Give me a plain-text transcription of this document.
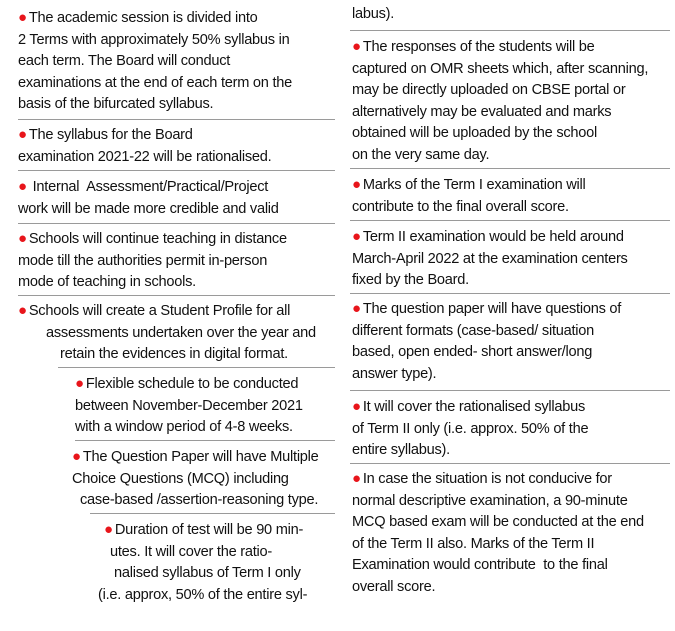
● The academic session is divided into
2 Terms with approximately 50% syllabus in
each term. The Board will conduct
examinations at the end of each term on the
basis of the bifurcated syllabus.
● The syllabus for the Board
examination 2021-22 will be rationalised.
● Internal  Assessment/Practical/Project
work will be made more credible and valid
● Schools will continue teaching in distance
mode till the authorities permit in-person
mode of teaching in schools.
● Schools will create a Student Profile for all
assessments undertaken over the year and
retain the evidences in digital format.
● Flexible schedule to be conducted
between November-December 2021
with a window period of 4-8 weeks.
● The Question Paper will have Multiple
Choice Questions (MCQ) including
case-based /assertion-reasoning type.
● Duration of test will be 90 min-
utes. It will cover the ratio-
nalised syllabus of Term I only
(i.e. approx, 50% of the entire syl-
labus).
● The responses of the students will be
captured on OMR sheets which, after scanning,
may be directly uploaded on CBSE portal or
alternatively may be evaluated and marks
obtained will be uploaded by the school
on the very same day.
● Marks of the Term I examination will
contribute to the final overall score.
● Term II examination would be held around
March-April 2022 at the examination centers
fixed by the Board.
● The question paper will have questions of
different formats (case-based/ situation
based, open ended- short answer/long
answer type).
● It will cover the rationalised syllabus
of Term II only (i.e. approx. 50% of the
entire syllabus).
● In case the situation is not conducive for
normal descriptive examination, a 90-minute
MCQ based exam will be conducted at the end
of the Term II also. Marks of the Term II
Examination would contribute  to the final
overall score.
